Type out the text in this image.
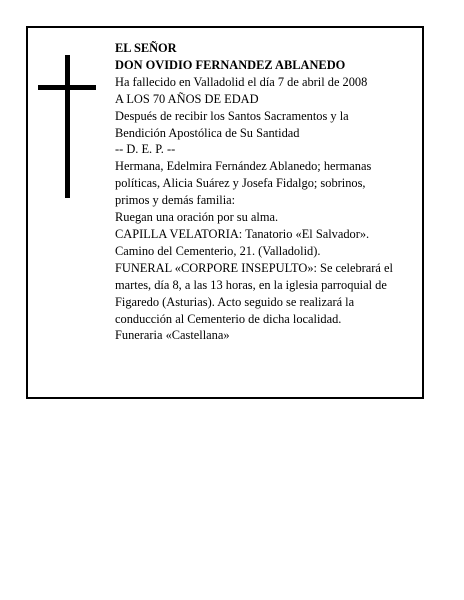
EL SEÑOR
DON OVIDIO FERNANDEZ ABLANEDO
Ha fallecido en Valladolid el día 7 de abril de 2008
A LOS 70 AÑOS DE EDAD
Después de recibir los Santos Sacramentos y la
Bendición Apostólica de Su Santidad
-- D. E. P. --
Hermana, Edelmira Fernández Ablanedo; hermanas
políticas, Alicia Suárez y Josefa Fidalgo; sobrinos,
primos y demás familia:
Ruegan una oración por su alma.
CAPILLA VELATORIA: Tanatorio «El Salvador».
Camino del Cementerio, 21. (Valladolid).
FUNERAL «CORPORE INSEPULTO»: Se celebrará el
martes, día 8, a las 13 horas, en la iglesia parroquial de
Figaredo (Asturias). Acto seguido se realizará la
conducción al Cementerio de dicha localidad.
Funeraria «Castellana»
